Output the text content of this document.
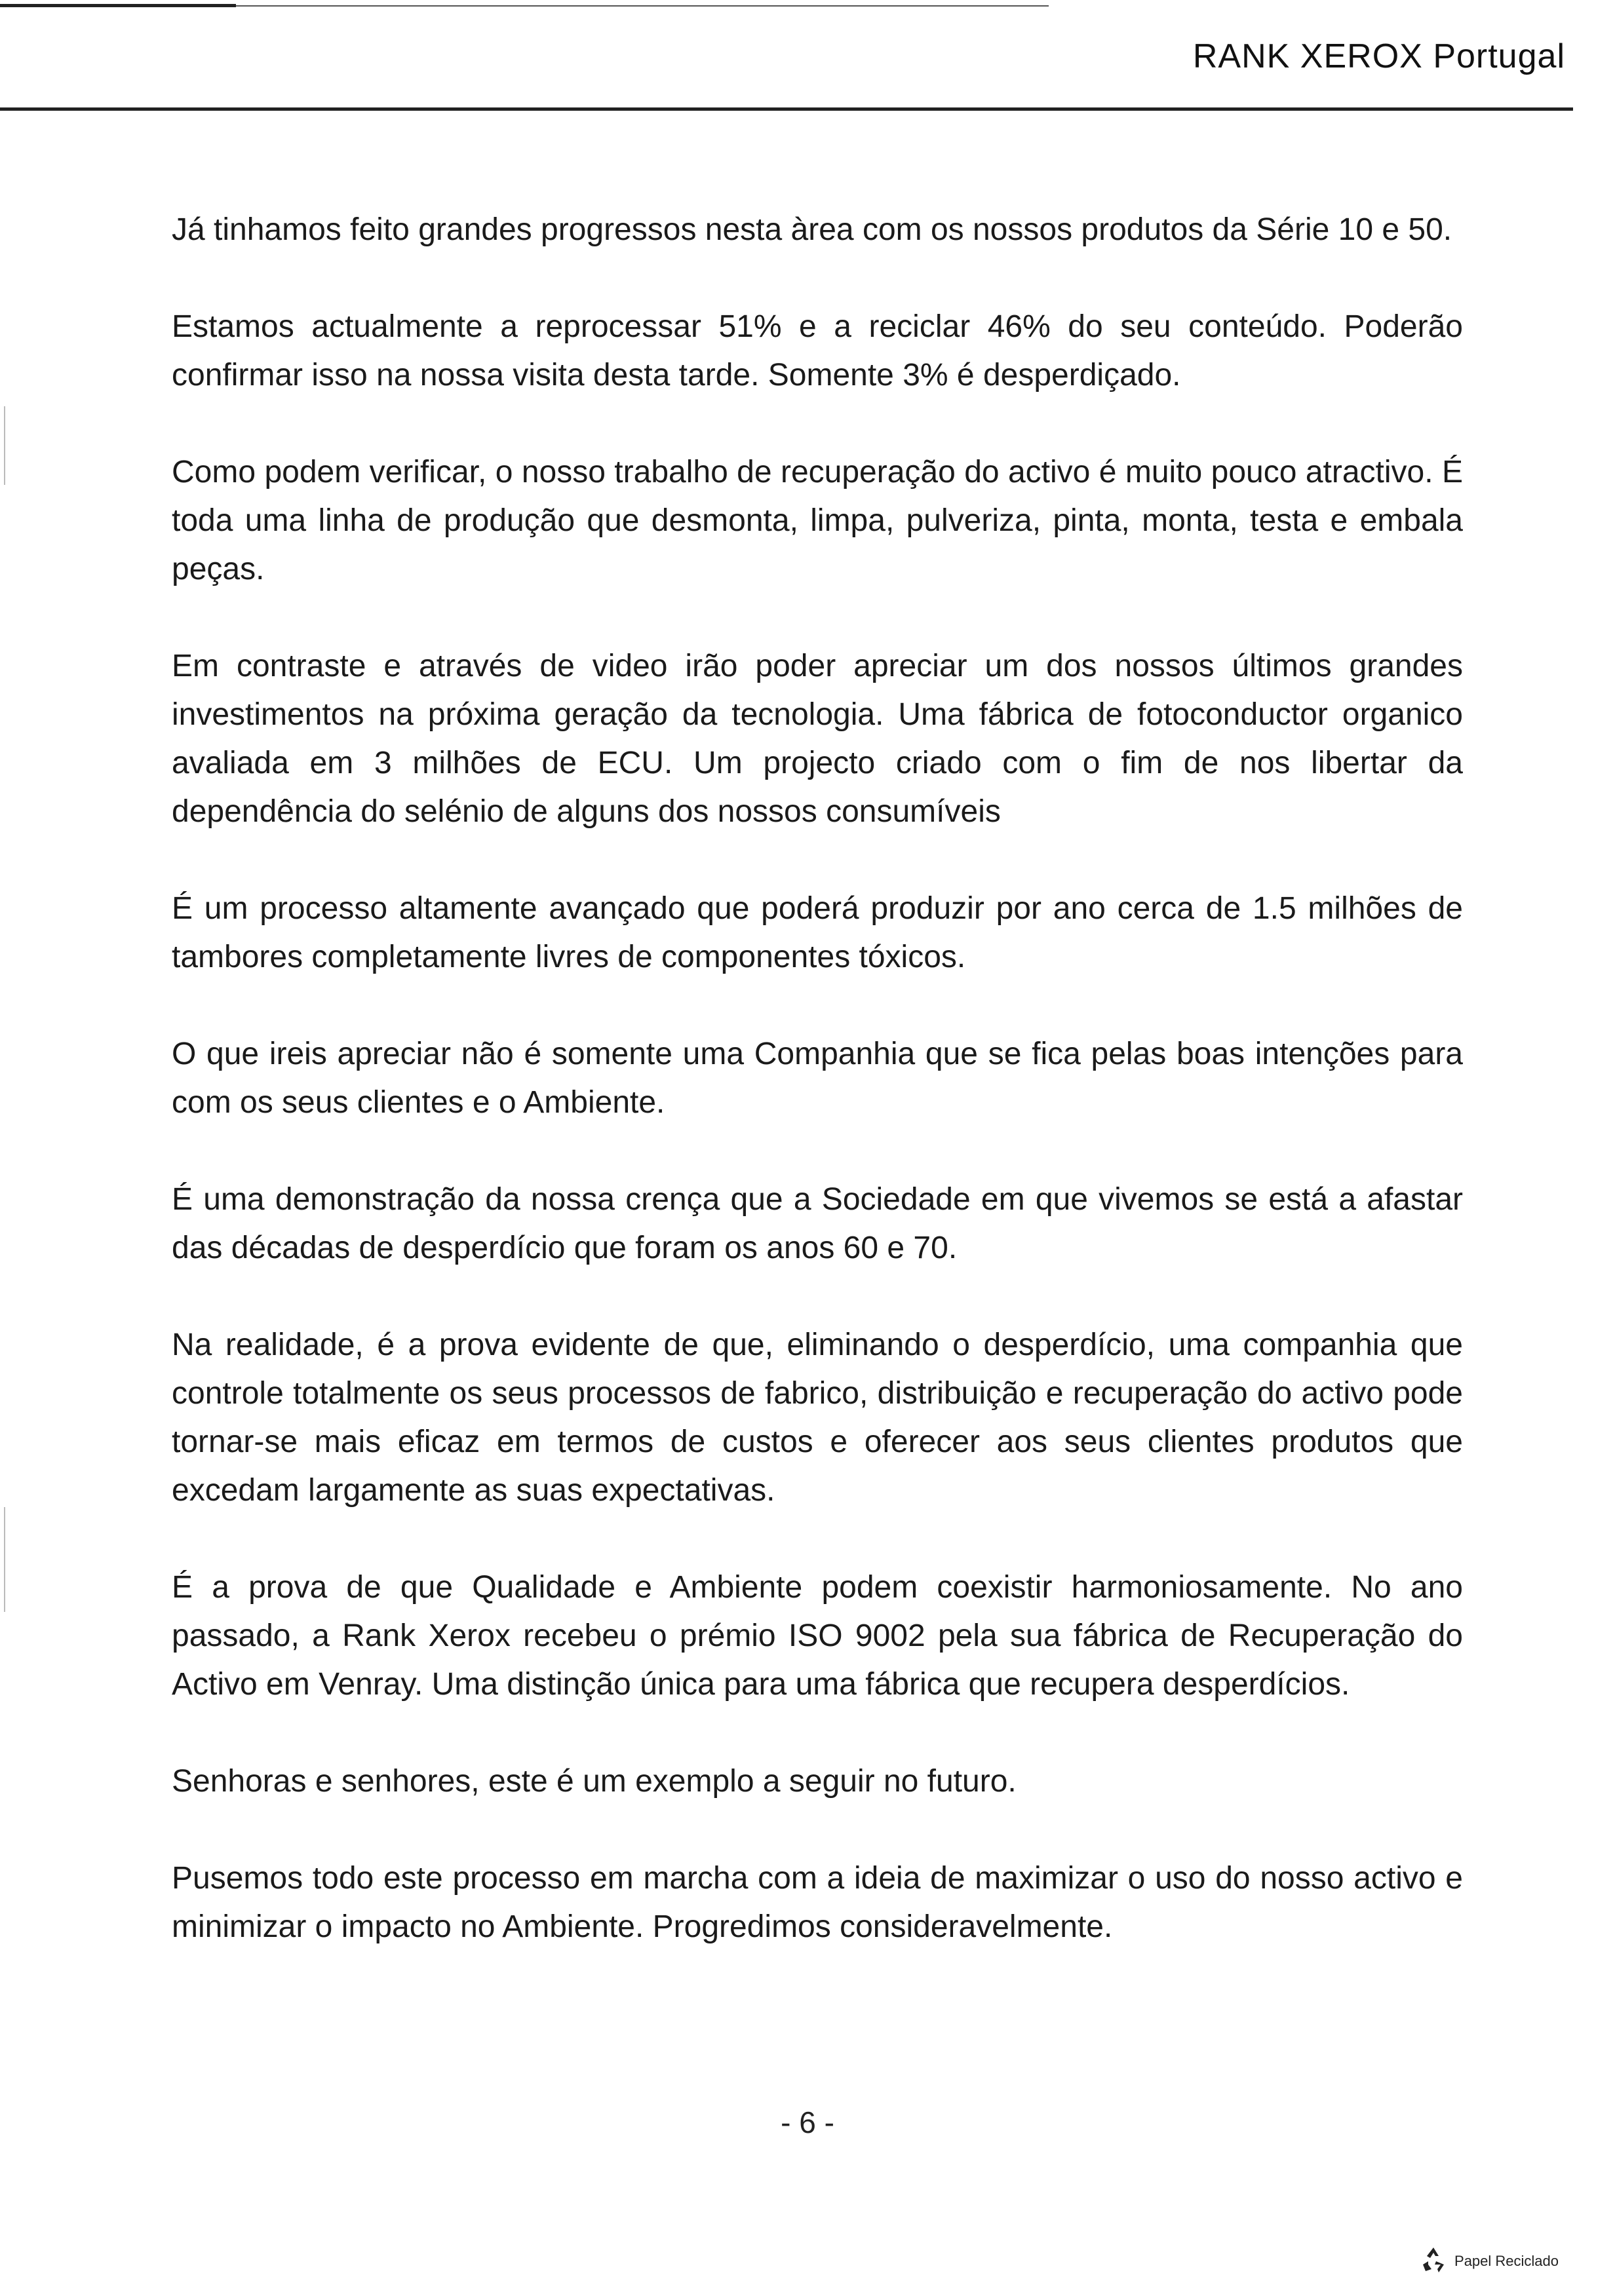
RANK XEROX Portugal

Já tinhamos feito grandes progressos nesta àrea com os nossos produtos da Série 10 e 50.

Estamos actualmente a reprocessar 51% e a reciclar 46% do seu conteúdo. Poderão confirmar isso na nossa visita desta tarde. Somente 3% é desperdiçado.

Como podem verificar, o nosso trabalho de recuperação do activo é muito pouco atractivo. É toda uma linha de produção que desmonta, limpa, pulveriza, pinta, monta, testa e embala peças.

Em contraste e através de video irão poder apreciar um dos nossos últimos grandes investimentos na próxima geração da tecnologia. Uma fábrica de fotoconductor organico avaliada em 3 milhões de ECU. Um projecto criado com o fim de nos libertar da dependência do selénio de alguns dos nossos consumíveis

É um processo altamente avançado que poderá produzir por ano cerca de 1.5 milhões de tambores completamente livres de componentes tóxicos.

O que ireis apreciar não é somente uma Companhia que se fica pelas boas intenções para com os seus clientes e o Ambiente.

É uma demonstração da nossa crença que a Sociedade em que vivemos se está a afastar das décadas de desperdício que foram os anos 60 e 70.

Na realidade, é a prova evidente de que, eliminando o desperdício, uma companhia que controle totalmente os seus processos de fabrico, distribuição e recuperação do activo pode tornar-se mais eficaz em termos de custos e oferecer aos seus clientes produtos que excedam largamente as suas expectativas.

É a prova de que Qualidade e Ambiente podem coexistir harmoniosamente. No ano passado, a Rank Xerox recebeu o prémio ISO 9002 pela sua fábrica de Recuperação do Activo em Venray. Uma distinção única para uma fábrica que recupera desperdícios.

Senhoras e senhores, este é um exemplo a seguir no futuro.

Pusemos todo este processo em marcha com a ideia de maximizar o uso do nosso activo e minimizar o impacto no Ambiente. Progredimos consideravelmente.

- 6 -
Papel Reciclado
